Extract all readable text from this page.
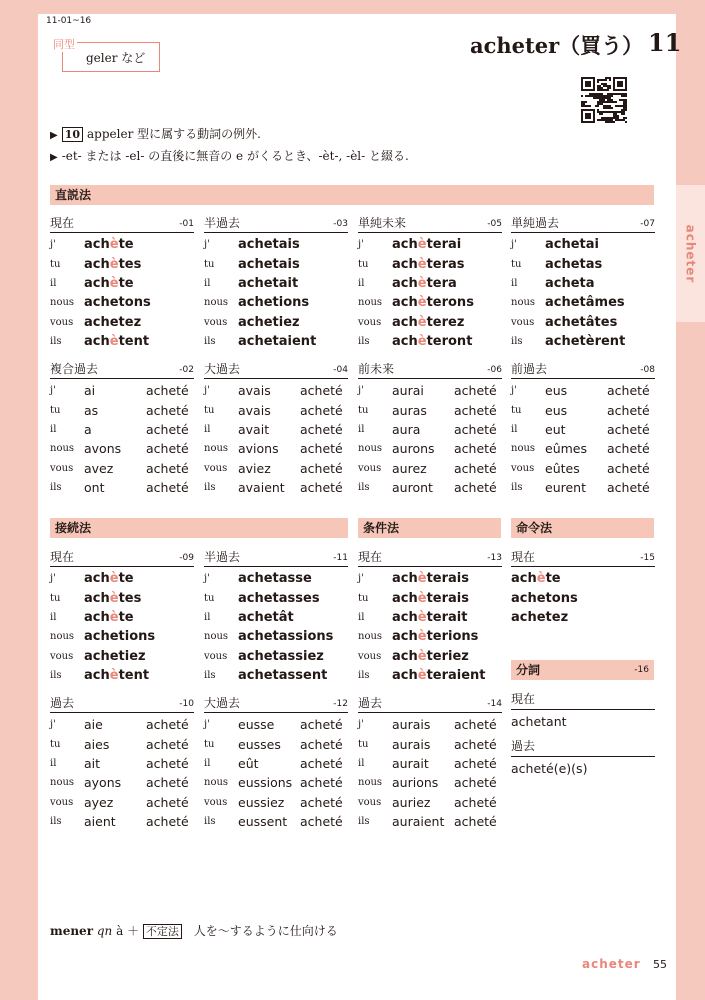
acheter
11-01~16
同型
geler など	acheter（買う） 11
▶ 10 appeler 型に属する動詞の例外.
▶ -et- または -el- の直後に無音の e がくるとき、-èt-, -èl- と綴る.
直説法
接続法	条件法	命令法
分詞	-16
現在	-15
achète
achetons
achetez
現在
achetant
過去
acheté(e)(s)
現在	-01
j'	achète
tu	achètes
il	achète
nous achetons
vous achetez
ils	achètent
半過去	-03
j'	achetais
tu	achetais
il	achetait
nous achetions
vous achetiez
ils	achetaient
単純未来	-05
j'	achèterai
tu	achèteras
il	achètera
nous achèterons
vous achèterez
ils	achèteront
単純過去	-07
j'	achetai
tu	achetas
il	acheta
nous achetâmes
vous achetâtes
ils	achetèrent
複合過去	-02
j'	ai	acheté
tu	as	acheté
il	a	acheté
nous avons	acheté
vous avez	acheté
ils	ont	acheté
大過去	-04
j'	avais	acheté
tu	avais	acheté
il	avait	acheté
nous avions	acheté
vous aviez	acheté
ils	avaient	acheté
前未来	-06
j'	aurai	acheté
tu	auras	acheté
il	aura	acheté
nous aurons	acheté
vous aurez	acheté
ils	auront	acheté
前過去	-08
j'	eus	acheté
tu	eus	acheté
il	eut	acheté
nous eûmes	acheté
vous eûtes	acheté
ils	eurent	acheté
現在	-09
j'	achète
tu	achètes
il	achète
nous achetions
vous achetiez
ils	achètent
半過去	-11
j'	achetasse
tu	achetasses
il	achetât
nous achetassions
vous achetassiez
ils	achetassent
現在	-13
j'	achèterais
tu	achèterais
il	achèterait
nous achèterions
vous achèteriez
ils	achèteraient
過去	-10
j'	aie	acheté
tu	aies	acheté
il	ait	acheté
nous ayons	acheté
vous ayez	acheté
ils	aient	acheté
大過去	-12
j'	eusse	acheté
tu	eusses	acheté
il	eût	acheté
nous eussions acheté
vous eussiez	acheté
ils	eussent	acheté
過去	-14
j'	aurais	acheté
tu	aurais	acheté
il	aurait	acheté
nous aurions	acheté
vous auriez	acheté
ils	auraient acheté
mener qn à ＋ 不定法 人を～するように仕向ける
acheter 55
